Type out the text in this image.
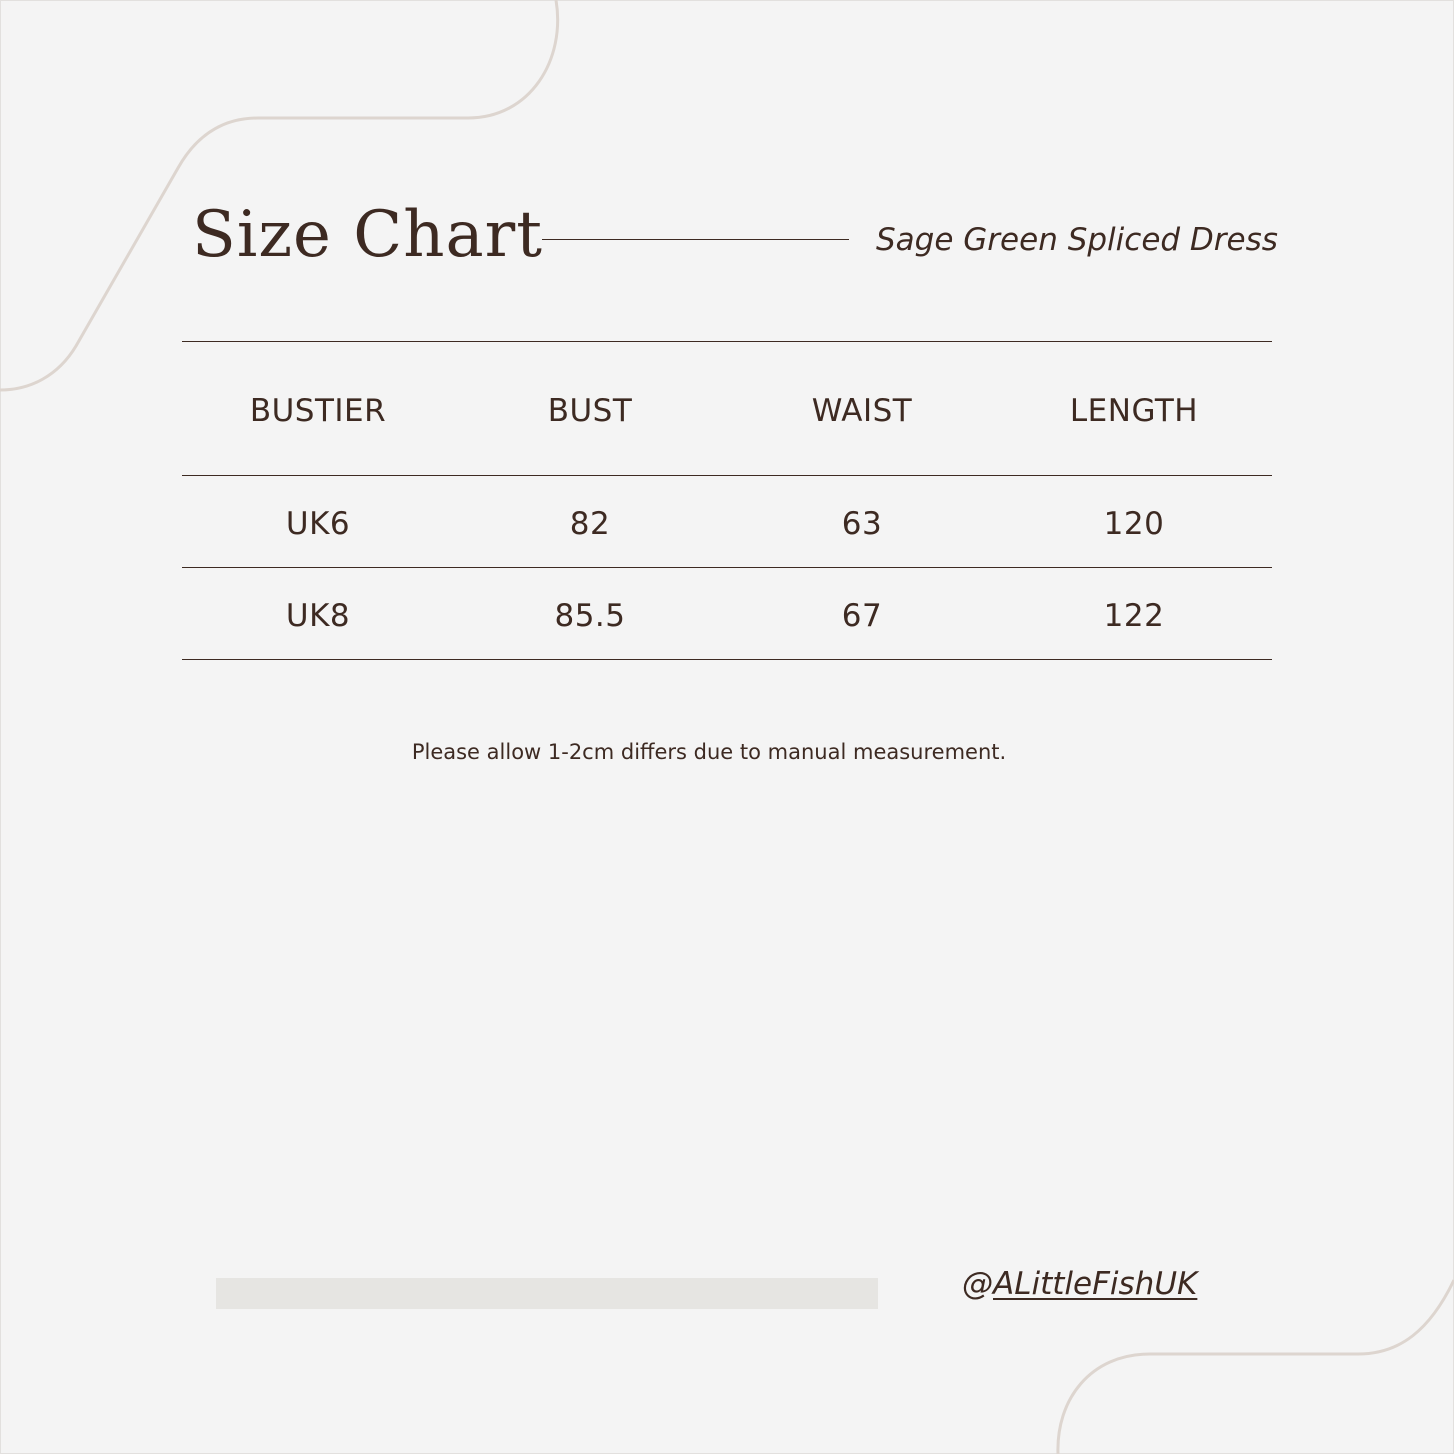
Size Chart	Sage Green Spliced Dress
BUSTIER	BUST	WAIST	LENGTH
UK6	82	63	120
UK8	85.5	67	122
Please allow 1-2cm differs due to manual measurement.
@ALittleFishUK
